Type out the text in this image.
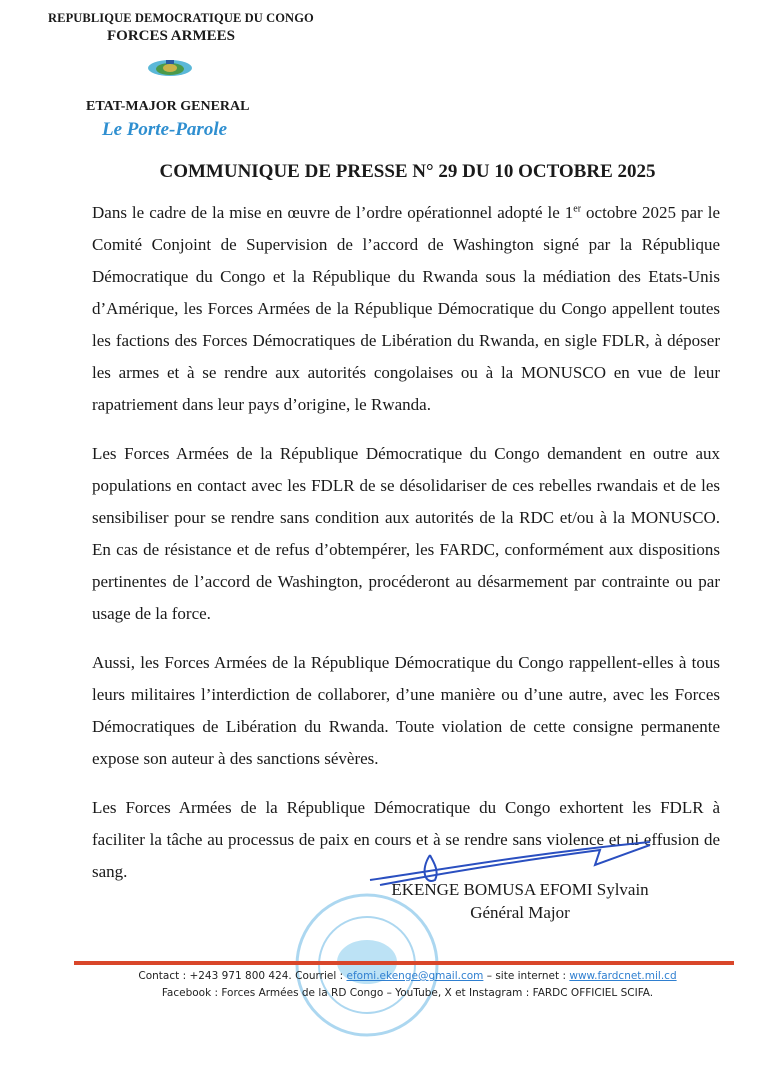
REPUBLIQUE DEMOCRATIQUE DU CONGO
FORCES ARMEES
ETAT-MAJOR GENERAL
Le Porte-Parole
COMMUNIQUE DE PRESSE N° 29 DU 10 OCTOBRE 2025

Dans le cadre de la mise en œuvre de l’ordre opérationnel adopté le 1er octobre 2025 par le Comité Conjoint de Supervision de l’accord de Washington signé par la République Démocratique du Congo et la République du Rwanda sous la médiation des Etats-Unis d’Amérique, les Forces Armées de la République Démocratique du Congo appellent toutes les factions des Forces Démocratiques de Libération du Rwanda, en sigle FDLR, à déposer les armes et à se rendre aux autorités congolaises ou à la MONUSCO en vue de leur rapatriement dans leur pays d’origine, le Rwanda.

Les Forces Armées de la République Démocratique du Congo demandent en outre aux populations en contact avec les FDLR de se désolidariser de ces rebelles rwandais et de les sensibiliser pour se rendre sans condition aux autorités de la RDC et/ou à la MONUSCO. En cas de résistance et de refus d’obtempérer, les FARDC, conformément aux dispositions pertinentes de l’accord de Washington, procéderont au désarmement par contrainte ou par usage de la force.

Aussi, les Forces Armées de la République Démocratique du Congo rappellent-elles à tous leurs militaires l’interdiction de collaborer, d’une manière ou d’une autre, avec les Forces Démocratiques de Libération du Rwanda. Toute violation de cette consigne permanente expose son auteur à des sanctions sévères.

Les Forces Armées de la République Démocratique du Congo exhortent les FDLR à faciliter la tâche au processus de paix en cours et à se rendre sans violence et ni effusion de sang.

EKENGE BOMUSA EFOMI Sylvain
Général Major
Contact : +243 971 800 424. Courriel : efomi.ekenge@gmail.com – site internet : www.fardcnet.mil.cd
Facebook : Forces Armées de la RD Congo – YouTube, X et Instagram : FARDC OFFICIEL SCIFA.
